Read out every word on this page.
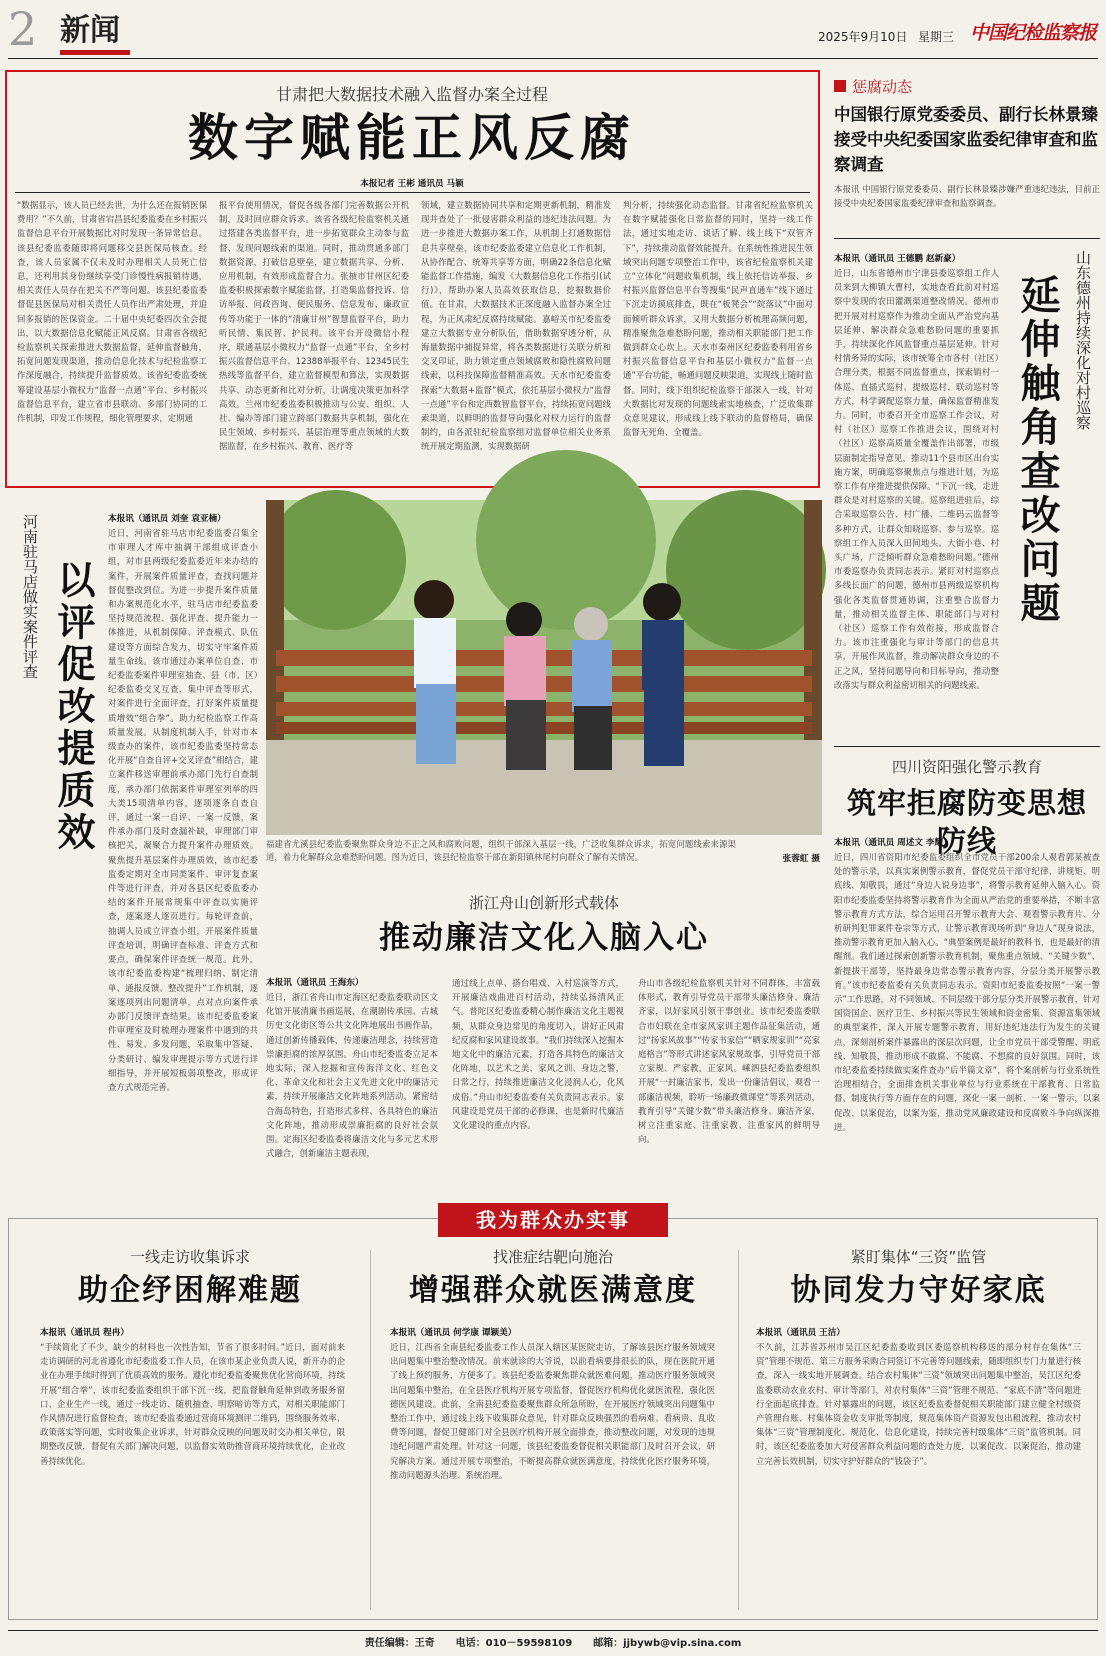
2 新闻	2025年9月10日 星期三 中国纪检监察报
甘肃把大数据技术融入监督办案全过程
数字赋能正风反腐
本报记者 王彬 通讯员 马颖
“数据显示，该人员已经去世，为什么还在报销医保费用？”不久前，甘肃省宕昌县纪委监委在乡村振兴监督信息平台开展数据比对时发现一条异常信息。该县纪委监委随即将问题移交县医保局核查。经查，该人员家属不仅未及时办理相关人员死亡信息，还利用其身份继续享受门诊慢性病报销待遇，相关责任人员存在把关不严等问题。该县纪委监委督促县医保局对相关责任人员作出严肃处理，并追回多报销的医保资金。二十届中央纪委四次全会提出，以大数据信息化赋能正风反腐。甘肃省各级纪检监察机关探索推进大数据监督，延伸监督触角，拓宽问题发现渠道，推动信息化技术与纪检监察工作深度融合，持续提升监督质效。该省纪委监委统筹建设基层小微权力“监督一点通”平台、乡村振兴监督信息平台，建立省市县联动、多部门协同的工作机制，印发工作规程，细化管理要求，定期通
报平台使用情况，督促各级各部门完善数据公开机制，及时回应群众诉求。该省各级纪检监察机关通过搭建各类监督平台，进一步拓宽群众主动参与监督、发现问题线索的渠道。同时，推动贯通多部门数据资源，打破信息壁垒，建立数据共享、分析、应用机制，有效形成监督合力。张掖市甘州区纪委监委积极探索数字赋能监督，打造集监督投诉、信访举报、问政咨询、便民服务、信息发布、廉政宣传等功能于一体的“清廉甘州”智慧监督平台，助力听民情、集民智、护民利。该平台开设微信小程序，联通基层小微权力“监督一点通”平台，全乡村振兴监督信息平台、12388举报平台、12345民生热线等监督平台，建立监督模型和算法，实现数据共享、动态更新和比对分析，让调度决策更加科学高效。兰州市纪委监委积极推动与公安、组织、人社、编办等部门建立跨部门数据共享机制，强化在民生领域、乡村振兴、基层治理等重点领域的大数据监督，在乡村振兴、教育、医疗等
领域，建立数据协同共享和定期更新机制，精准发现并查处了一批侵害群众利益的违纪违法问题。为进一步推进大数据办案工作，从机制上打通数据信息共享壁垒，该市纪委监委建立信息化工作机制，从协作配合、统筹共享等方面，明确22条信息化赋能监督工作措施，编发《大数据信息化工作指引(试行)》，帮助办案人员高效获取信息，挖掘数据价值。在甘肃，大数据技术正深度融入监督办案全过程，为正风肃纪反腐持续赋能。嘉峪关市纪委监委建立大数据专业分析队伍，借助数据穿透分析，从海量数据中捕捉异常，将各类数据进行关联分析和交叉印证，助力锁定重点领域腐败和隐性腐败问题线索，以科技保障监督精准高效。天水市纪委监委探索“大数据+监督”模式，依托基层小微权力“监督一点通”平台和定西数智监督平台，持续拓宽问题线索渠道，以鲜明的监督导向强化对权力运行的监督制约，由各派驻纪检监察组对监督单位相关业务系统开展定期监测，实现数据研
判分析，持续强化动态监督。甘肃省纪检监察机关在数字赋能强化日常监督的同时，坚持一线工作法，通过实地走访、谈话了解、线上线下“双管齐下”，持续推动监督效能提升。在系统性推进民生领域突出问题专项整治工作中，该省纪检监察机关建立“立体化”问题收集机制，线上依托信访举报、乡村振兴监督信息平台等搜集“民声直通车”线下通过下沉走访摸底排查，既在“板凳会”“院落议”中面对面倾听群众诉求，又用大数据分析梳理高频问题，精准聚焦急难愁盼问题，推动相关职能部门把工作做到群众心坎上。天水市秦州区纪委监委利用省乡村振兴监督信息平台和基层小微权力“监督一点通”平台功能，畅通问题反映渠道，实现线上随时监督。同时，线下组织纪检监察干部深入一线，针对大数据比对发现的问题线索实地核查，广泛收集群众意见建议，形成线上线下联动的监督格局，确保监督无死角、全覆盖。
惩腐动态
中国银行原党委委员、副行长林景臻接受中央纪委国家监委纪律审查和监察调查
本报讯 中国银行原党委委员、副行长林景臻涉嫌严重违纪违法，目前正接受中央纪委国家监委纪律审查和监察调查。
本报讯（通讯员 王德鹏 赵新豪）
近日，山东省德州市宁津县委巡察组工作人员来到大柳镇大曹村，实地查看此前对村巡察中发现的农田灌溉渠道整改情况。德州市把开展对村巡察作为推动全面从严治党向基层延伸、解决群众急难愁盼问题的重要抓手，持续深化作风监督重点基层延伸。针对村情务异的实际，该市统筹全市各村（社区）合理分类，根据不同监督重点，探索销村一体巡、直插式巡村、提级巡村、联动巡村等方式，科学调配巡察力量，确保监督精准发力。同时，市委召开全市巡察工作会议，对村（社区）巡察工作推进会议，围绕对村（社区）巡察高质量全覆盖作出部署，市级层面制定指导意见，推动11个县市区出台实施方案，明确巡察聚焦点与推进计划，为巡察工作有序推进提供保障。“下沉一线，走进群众是对村巡察的关键。巡察组进驻后，综合采取巡察公告、村广播、二维码云监督等多种方式，让群众知晓巡察、参与巡察。巡察组工作人员深入田间地头、大街小巷、村头广场，广泛倾听群众急难愁盼问题。”德州市委巡察办负责同志表示。紧盯对村巡察点多线长面广的问题，德州市县两级巡察机构强化各类监督贯通协调，注重整合监督力量，推动相关监督主体、职能部门与对村（社区）巡察工作有效衔接，形成监督合力。该市注重强化与审计等部门的信息共享，开展作风监督，推动解决群众身边的不正之风，坚持问题导向和目标导向，推动整改落实与群众利益密切相关的问题线索。
山东德州持续深化对村巡察
延伸触角查改问题
四川资阳强化警示教育
筑牢拒腐防变思想防线
本报讯（通讯员 周述文 李耀）
近日，四川省资阳市纪委监委组织全市党员干部200余人观看郭某被查处的警示录，以真实案例警示教育，督促党员干部守纪律、讲规矩、明底线、知敬畏，通过“身边人说身边事”，将警示教育延伸入脑入心。资阳市纪委监委坚持将警示教育作为全面从严治党的重要举措，不断丰富警示教育方式方法，综合运用召开警示教育大会、观看警示教育片、分析研判犯罪案件卷宗等方式，让警示教育现场听到“身边人”现身说法，推动警示教育更加入脑入心。“典型案例是最好的教科书，也是最好的清醒剂。我们通过探索创新警示教育机制，聚焦重点领域、“关键少数”、新提拔干部等，坚持最身边常态警示教育内容，分层分类开展警示教育。”该市纪委监委有关负责同志表示。资阳市纪委监委按照“一案一警示”工作思路，对不同领域、不同层级干部分层分类开展警示教育，针对国资国企、医疗卫生、乡村振兴等民生领域和资金密集、资源富集领域的典型案件，深入开展专题警示教育，用好违纪违法行为发生的关键点，深刻剖析案件暴露出的深层次问题，让全市党员干部受警醒、明底线、知敬畏，推动形成不敢腐、不能腐、不想腐的良好氛围。同时，该市纪委监委持续做实案件查办“后半篇文章”，将个案剖析与行业系统性治理相结合，全面排查机关事业单位与行业系统在干部教育、日常监督、制度执行等方面存在的问题，深化一案一剖析、一案一警示，以案促改、以案促治，以案为鉴，推动党风廉政建设和反腐败斗争向纵深推进。
河南驻马店做实案件评查 以评促改提质效
本报讯（通讯员 刘奎 袁亚楠）
近日，河南省驻马店市纪委监委召集全市审理人才库中抽调干部组成评查小组，对市县两级纪委监委近年来办结的案件，开展案件质量评查，查找问题并督促整改到位。为进一步提升案件质量和办案规范化水平，驻马店市纪委监委坚持规范流程、强化评查、提升能力一体推进，从机制保障、评查模式、队伍建设等方面综合发力，切实守牢案件质量生命线。该市通过办案单位自查、市纪委监委案件审理室抽查、县（市、区）纪委监委交叉互查、集中评查等形式，对案件进行全面评查，打好案件质量提质增效“组合拳”。助力纪检监察工作高质量发展。从制度机制入手，针对市本级查办的案件，该市纪委监委坚持常态化开展“自查自评+交叉评查”相结合，建立案件移送审理前承办部门先行自查制度，承办部门依据案件审理室列举的四大类15项清单内容，逐项逐条自查自评，通过一案一自评、一案一反馈，案件承办部门及时查漏补缺，审理部门审核把关，凝聚合力提升案件办理质效。聚焦提升基层案件办理质效，该市纪委监委定期对全市同类案件、审评复查案件等进行评查，并对各县区纪委监委办结的案件开展常规集中评查以实施评查，逐案逐人逐页进行。每轮评查前，抽调人员成立评查小组，开展案件质量评查培训，明确评查标准、评查方式和要点，确保案件评查统一规范。此外，该市纪委监委构建“梳理归纳、制定清单、通报反馈、整改提升”工作机制，逐案逐项列出问题清单，点对点向案件承办部门反馈评查结果。该市纪委监委案件审理室及时梳理办理案件中遇到的共性、易发、多发问题，采取集中答疑、分类研讨、编发审理提示等方式进行详细指导，并开展短板弱项整改，形成评查方式规范完善。
福建省尤溪县纪委监委聚焦群众身边不正之风和腐败问题，组织干部深入基层一线，广泛收集群众诉求，拓宽问题线索来源渠道，着力化解群众急难愁盼问题。图为近日，该县纪检监察干部在新阳镇林尾村向群众了解有关情况。	张蓉虹 摄
浙江舟山创新形式载体
推动廉洁文化入脑入心
本报讯（通讯员 王海东）
近日，浙江省舟山市定海区纪委监委联动区文化馆开展清廉书画巡展，在潮剧传承园、古城历史文化街区等公共文化阵地展出书画作品，通过创新传播载体，传递廉洁理念，持续营造崇廉拒腐的浓厚氛围。舟山市纪委监委立足本地实际，深入挖掘和宣传海洋文化、红色文化、革命文化和社会主义先进文化中的廉洁元素，持续开展廉洁文化阵地系列活动，紧密结合海岛特色，打造形式多样、各具特色的廉洁文化阵地，推动形成崇廉拒腐的良好社会氛围。定海区纪委监委将廉洁文化与多元艺术形式融合，创新廉洁主题表现，
通过线上点单、搭台唱戏、入村巡演等方式，开展廉洁戏曲进百村活动，持续弘扬清风正气。普陀区纪委监委精心制作廉洁文化主题视频，从群众身边常见的角度切入，讲好正风肃纪反腐和家风建设故事。“我们持续深入挖掘本地文化中的廉洁元素，打造各具特色的廉洁文化阵地，以艺术之美、家风之训、身边之警，日常之行，持续推进廉洁文化浸润人心，化风成俗。”舟山市纪委监委有关负责同志表示。家风建设是党员干部的必修课，也是新时代廉洁文化建设的重点内容。
舟山市各级纪检监察机关针对不同群体，丰富载体形式，教育引导党员干部带头廉洁修身、廉洁齐家，以好家风引领干事创业。该市纪委监委联合市妇联在全市家风家训主题作品征集活动，通过“扬家风故事”“传家书家信”“晒家规家训”“亮家庭格言”等形式讲述家风家规故事，引导党员干部立家规、严家教，正家风。嵊泗县纪委监委组织开展“一封廉洁家书，发出一份廉洁倡议，观看一部廉洁视频，聆听一场廉政微课堂”等系列活动，教育引导“关键少数”带头廉洁修身、廉洁齐家，树立注重家庭、注重家教、注重家风的鲜明导向。
我为群众办实事
一线走访收集诉求
助企纾困解难题
本报讯（通讯员 程冉）
“手续简化了不少，缺少的材料也一次性告知，节省了很多时间。”近日，面对前来走访调研的河北省遵化市纪委监委工作人员，在该市某企业负责人说，新开办的企业在办理手续时得到了优质高效的服务。遵化市纪委监委聚焦优化营商环境，持续开展“组合拳”，该市纪委监委组织干部下沉一线，把监督触角延伸到政务服务窗口、企业生产一线，通过一线走访、随机抽查、明察暗访等方式，对相关职能部门作风情况进行监督检查，该市纪委监委通过营商环境测评二维码，围绕服务效率、政策落实等问题，实时收集企业诉求，针对群众反映的问题及时交办相关单位，限期整改反馈，督促有关部门解决问题，以监督实效助推营商环境持续优化，企业改善持续优化。
找准症结靶向施治
增强群众就医满意度
本报讯（通讯员 何学康 谭颖美）
近日，江西省全南县纪委监委工作人员深入辖区某医院走访，了解该县医疗服务领域突出问题集中整治整改情况。前来就诊的大爷说，以前看病要排很长的队，现在医院开通了线上预约服务，方便多了。该县纪委监委聚焦群众就医难问题，推动医疗服务领域突出问题集中整治，在全县医疗机构开展专项监督，督促医疗机构优化就医流程，强化医德医风建设。此前，全南县纪委监委聚焦群众所急所盼，在开展医疗领域突出问题集中整治工作中，通过线上线下收集群众意见，针对群众反映强烈的看病难、看病贵、乱收费等问题，督促卫健部门对全县医疗机构开展全面排查，推动整改问题，对发现的违规违纪问题严肃处理。针对这一问题，该县纪委监委督促相关职能部门及时召开会议，研究解决方案。通过开展专项整治，不断提高群众就医满意度，持续优化医疗服务环境，推动问题源头治理、系统治理。
紧盯集体“三资”监管
协同发力守好家底
本报讯（通讯员 王洁）
不久前，江苏省苏州市吴江区纪委监委收到区委巡察机构移送的部分村存在集体“三资”管理不规范、第三方服务采购合同签订不完善等问题线索，随即组织专门力量进行核查，深入一线实地开展调查。结合农村集体“三资”领域突出问题集中整治，吴江区纪委监委联动农业农村、审计等部门，对农村集体“三资”管理不规范、“家底不清”等问题进行全面起底排查。针对暴露出的问题，该区纪委监委督促相关职能部门建立健全村级资产管理台账、村集体资金收支审批等制度，规范集体资产资源发包出租流程，推动农村集体“三资”管理制度化、规范化、信息化建设，持续完善村级集体“三资”监管机制。同时，该区纪委监委加大对侵害群众利益问题的查处力度，以案促改、以案促治，推动建立完善长效机制，切实守护好群众的“钱袋子”。
责任编辑：王奇 电话：010－59598109 邮箱：jjbywb@vip.sina.com
